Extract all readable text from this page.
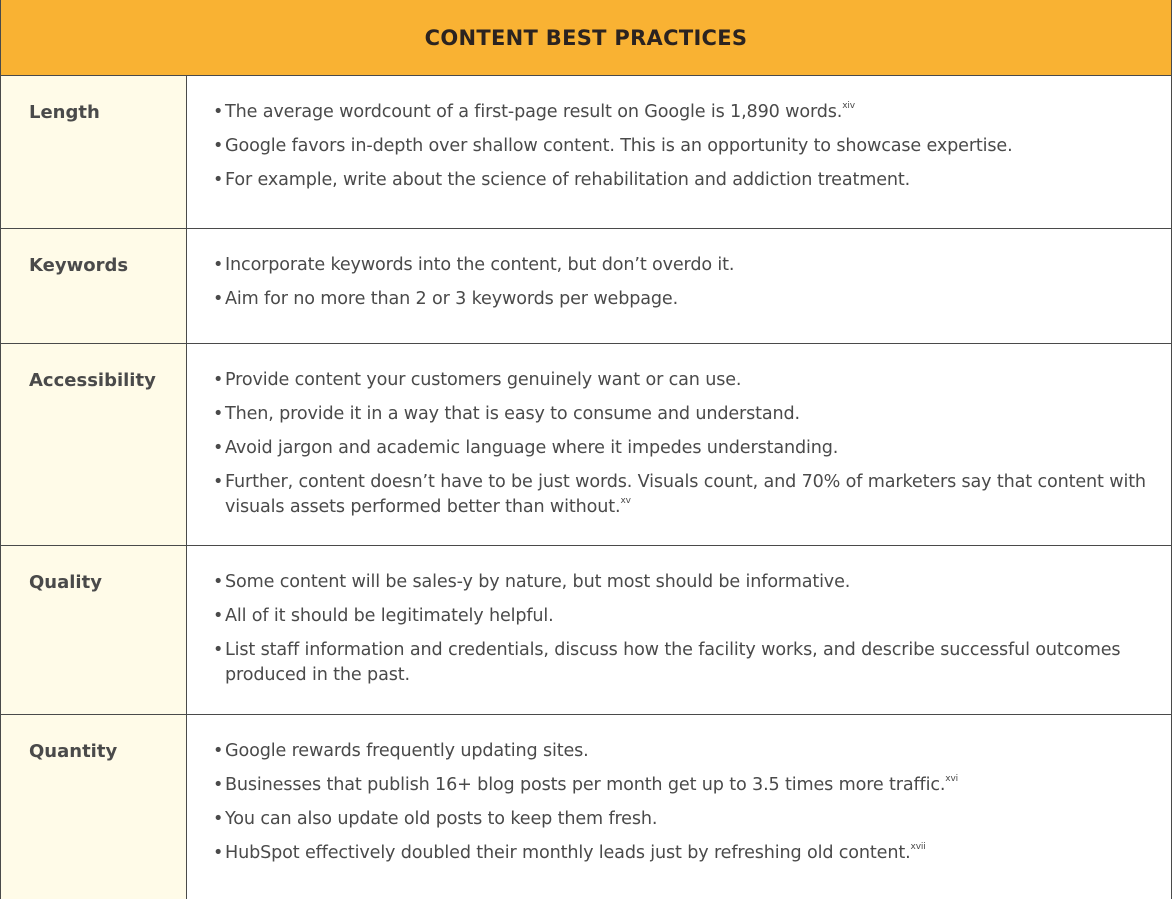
CONTENT BEST PRACTICES
Length	• The average wordcount of a first-page result on Google is 1,890 words.$^{xiv}$
• Google favors in-depth over shallow content. This is an opportunity to showcase expertise.
• For example, write about the science of rehabilitation and addiction treatment.
Keywords	• Incorporate keywords into the content, but don’t overdo it.
• Aim for no more than 2 or 3 keywords per webpage.
Accessibility	• Provide content your customers genuinely want or can use.
• Then, provide it in a way that is easy to consume and understand.
• Avoid jargon and academic language where it impedes understanding.
• Further, content doesn’t have to be just words. Visuals count, and 70% of marketers say that content with visuals assets performed better than without.$^{xv}$
Quality	• Some content will be sales-y by nature, but most should be informative.
• All of it should be legitimately helpful.
• List staff information and credentials, discuss how the facility works, and describe successful outcomes produced in the past.
Quantity	• Google rewards frequently updating sites.
• Businesses that publish 16+ blog posts per month get up to 3.5 times more traffic.$^{xvi}$
• You can also update old posts to keep them fresh.
• HubSpot effectively doubled their monthly leads just by refreshing old content.$^{xvii}$
